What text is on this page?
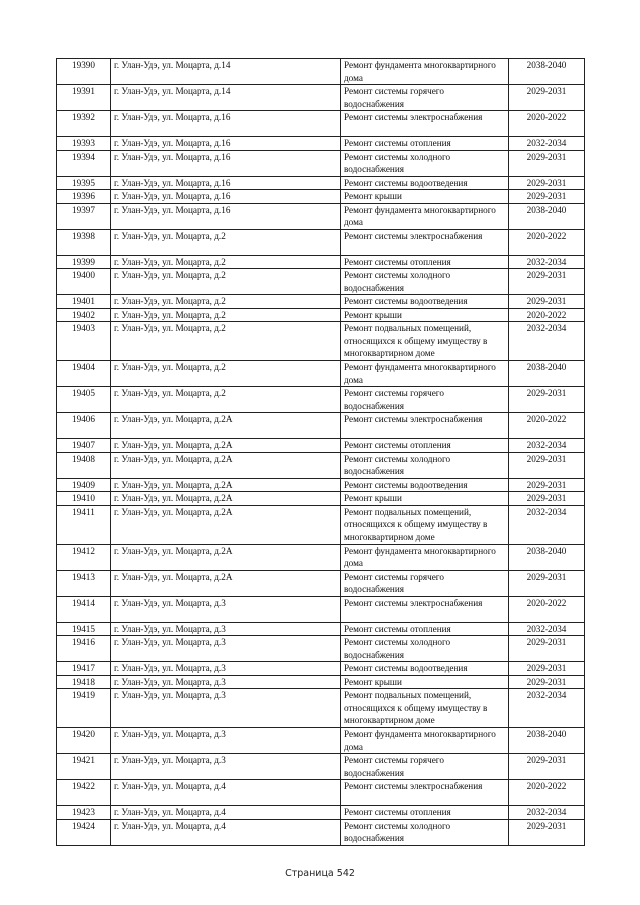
19390	г. Улан-Удэ, ул. Моцарта, д.14	Ремонт фундамента многоквартирного дома	2038-2040
19391	г. Улан-Удэ, ул. Моцарта, д.14	Ремонт системы горячего водоснабжения	2029-2031
19392	г. Улан-Удэ, ул. Моцарта, д.16	Ремонт системы электроснабжения	2020-2022
19393	г. Улан-Удэ, ул. Моцарта, д.16	Ремонт системы отопления	2032-2034
19394	г. Улан-Удэ, ул. Моцарта, д.16	Ремонт системы холодного водоснабжения	2029-2031
19395	г. Улан-Удэ, ул. Моцарта, д.16	Ремонт системы водоотведения	2029-2031
19396	г. Улан-Удэ, ул. Моцарта, д.16	Ремонт крыши	2029-2031
19397	г. Улан-Удэ, ул. Моцарта, д.16	Ремонт фундамента многоквартирного дома	2038-2040
19398	г. Улан-Удэ, ул. Моцарта, д.2	Ремонт системы электроснабжения	2020-2022
19399	г. Улан-Удэ, ул. Моцарта, д.2	Ремонт системы отопления	2032-2034
19400	г. Улан-Удэ, ул. Моцарта, д.2	Ремонт системы холодного водоснабжения	2029-2031
19401	г. Улан-Удэ, ул. Моцарта, д.2	Ремонт системы водоотведения	2029-2031
19402	г. Улан-Удэ, ул. Моцарта, д.2	Ремонт крыши	2020-2022
19403	г. Улан-Удэ, ул. Моцарта, д.2	Ремонт подвальных помещений, относящихся к общему имуществу в многоквартирном доме	2032-2034
19404	г. Улан-Удэ, ул. Моцарта, д.2	Ремонт фундамента многоквартирного дома	2038-2040
19405	г. Улан-Удэ, ул. Моцарта, д.2	Ремонт системы горячего водоснабжения	2029-2031
19406	г. Улан-Удэ, ул. Моцарта, д.2А	Ремонт системы электроснабжения	2020-2022
19407	г. Улан-Удэ, ул. Моцарта, д.2А	Ремонт системы отопления	2032-2034
19408	г. Улан-Удэ, ул. Моцарта, д.2А	Ремонт системы холодного водоснабжения	2029-2031
19409	г. Улан-Удэ, ул. Моцарта, д.2А	Ремонт системы водоотведения	2029-2031
19410	г. Улан-Удэ, ул. Моцарта, д.2А	Ремонт крыши	2029-2031
19411	г. Улан-Удэ, ул. Моцарта, д.2А	Ремонт подвальных помещений, относящихся к общему имуществу в многоквартирном доме	2032-2034
19412	г. Улан-Удэ, ул. Моцарта, д.2А	Ремонт фундамента многоквартирного дома	2038-2040
19413	г. Улан-Удэ, ул. Моцарта, д.2А	Ремонт системы горячего водоснабжения	2029-2031
19414	г. Улан-Удэ, ул. Моцарта, д.3	Ремонт системы электроснабжения	2020-2022
19415	г. Улан-Удэ, ул. Моцарта, д.3	Ремонт системы отопления	2032-2034
19416	г. Улан-Удэ, ул. Моцарта, д.3	Ремонт системы холодного водоснабжения	2029-2031
19417	г. Улан-Удэ, ул. Моцарта, д.3	Ремонт системы водоотведения	2029-2031
19418	г. Улан-Удэ, ул. Моцарта, д.3	Ремонт крыши	2029-2031
19419	г. Улан-Удэ, ул. Моцарта, д.3	Ремонт подвальных помещений, относящихся к общему имуществу в многоквартирном доме	2032-2034
19420	г. Улан-Удэ, ул. Моцарта, д.3	Ремонт фундамента многоквартирного дома	2038-2040
19421	г. Улан-Удэ, ул. Моцарта, д.3	Ремонт системы горячего водоснабжения	2029-2031
19422	г. Улан-Удэ, ул. Моцарта, д.4	Ремонт системы электроснабжения	2020-2022
19423	г. Улан-Удэ, ул. Моцарта, д.4	Ремонт системы отопления	2032-2034
19424	г. Улан-Удэ, ул. Моцарта, д.4	Ремонт системы холодного водоснабжения	2029-2031
Страница 542
